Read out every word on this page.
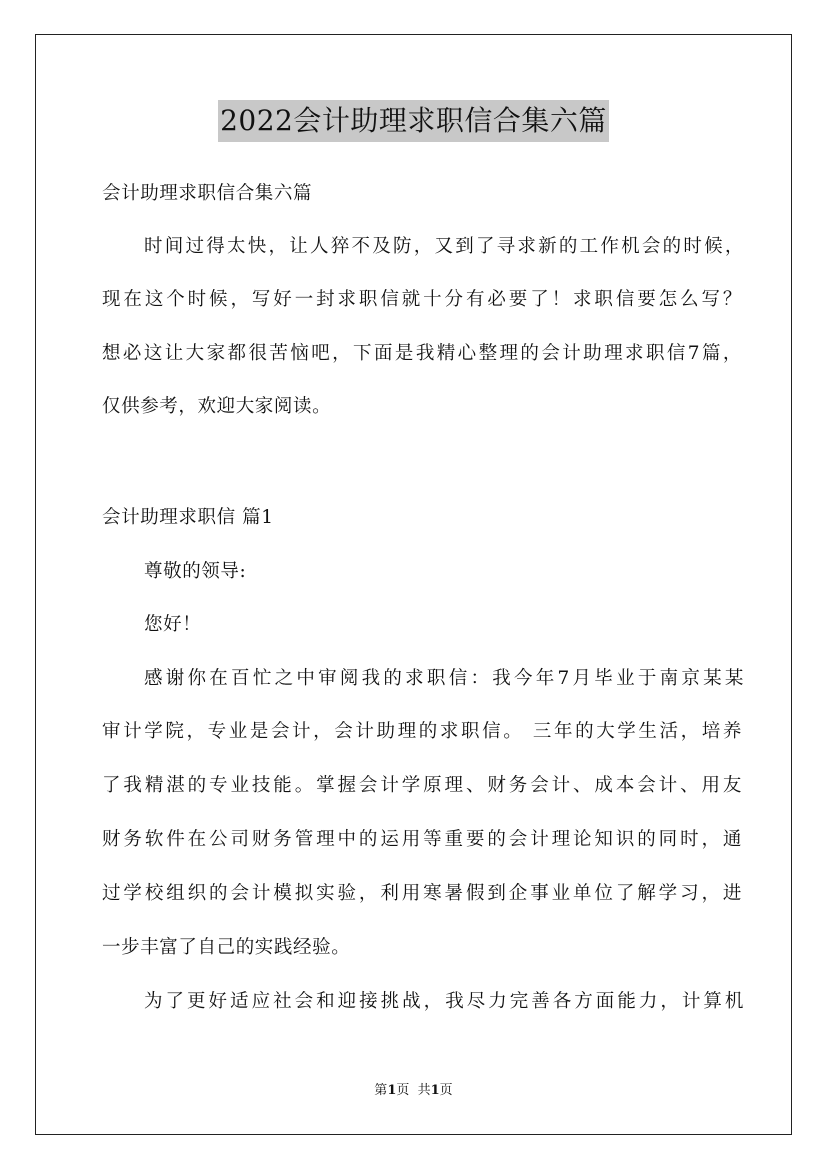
2022会计助理求职信合集六篇
会计助理求职信合集六篇
时间过得太快，让人猝不及防，又到了寻求新的工作机会的时候，
现在这个时候，写好一封求职信就十分有必要了！求职信要怎么写？
想必这让大家都很苦恼吧，下面是我精心整理的会计助理求职信7篇，
仅供参考，欢迎大家阅读。
会计助理求职信 篇1
尊敬的领导:
您好！
感谢你在百忙之中审阅我的求职信：我今年7月毕业于南京某某
审计学院，专业是会计，会计助理的求职信。 三年的大学生活，培养
了我精湛的专业技能。掌握会计学原理、财务会计、成本会计、用友
财务软件在公司财务管理中的运用等重要的会计理论知识的同时，通
过学校组织的会计模拟实验，利用寒暑假到企事业单位了解学习，进
一步丰富了自己的实践经验。
为了更好适应社会和迎接挑战，我尽力完善各方面能力，计算机
第1页  共1页
